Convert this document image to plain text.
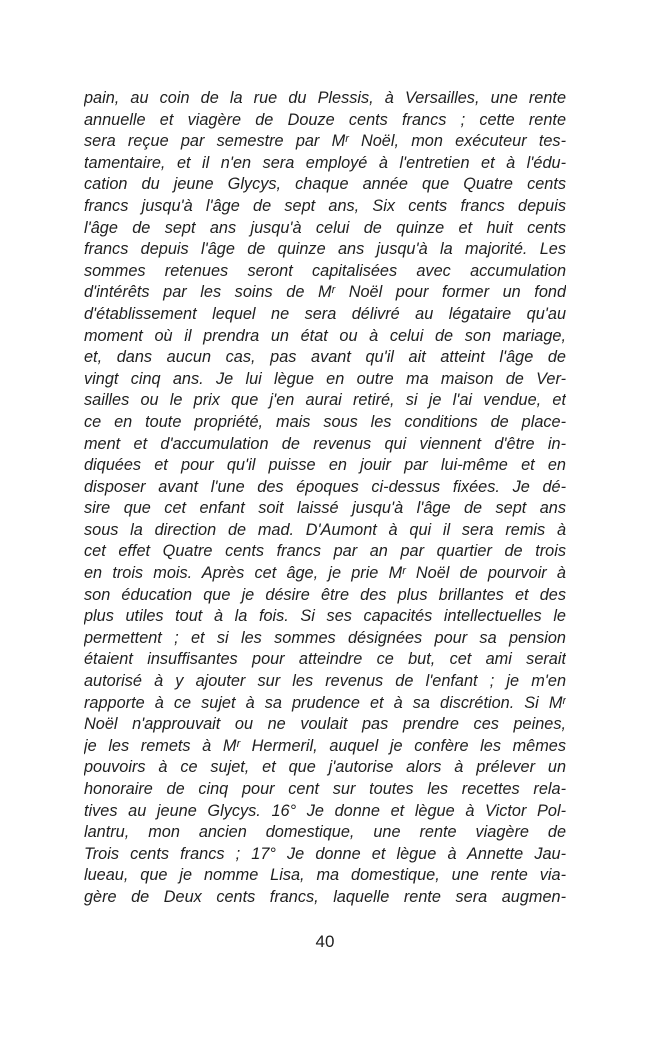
pain, au coin de la rue du Plessis, à Versailles, une rente
annuelle et viagère de Douze cents francs ; cette rente
sera reçue par semestre par Mʳ Noël, mon exécuteur tes-
tamentaire, et il n'en sera employé à l'entretien et à l'édu-
cation du jeune Glycys, chaque année que Quatre cents
francs jusqu'à l'âge de sept ans, Six cents francs depuis
l'âge de sept ans jusqu'à celui de quinze et huit cents
francs depuis l'âge de quinze ans jusqu'à la majorité. Les
sommes retenues seront capitalisées avec accumulation
d'intérêts par les soins de Mʳ Noël pour former un fond
d'établissement lequel ne sera délivré au légataire qu'au
moment où il prendra un état ou à celui de son mariage,
et, dans aucun cas, pas avant qu'il ait atteint l'âge de
vingt cinq ans. Je lui lègue en outre ma maison de Ver-
sailles ou le prix que j'en aurai retiré, si je l'ai vendue, et
ce en toute propriété, mais sous les conditions de place-
ment et d'accumulation de revenus qui viennent d'être in-
diquées et pour qu'il puisse en jouir par lui-même et en
disposer avant l'une des époques ci-dessus fixées. Je dé-
sire que cet enfant soit laissé jusqu'à l'âge de sept ans
sous la direction de mad. D'Aumont à qui il sera remis à
cet effet Quatre cents francs par an par quartier de trois
en trois mois. Après cet âge, je prie Mʳ Noël de pourvoir à
son éducation que je désire être des plus brillantes et des
plus utiles tout à la fois. Si ses capacités intellectuelles le
permettent ; et si les sommes désignées pour sa pension
étaient insuffisantes pour atteindre ce but, cet ami serait
autorisé à y ajouter sur les revenus de l'enfant ; je m'en
rapporte à ce sujet à sa prudence et à sa discrétion. Si Mʳ
Noël n'approuvait ou ne voulait pas prendre ces peines,
je les remets à Mʳ Hermeril, auquel je confère les mêmes
pouvoirs à ce sujet, et que j'autorise alors à prélever un
honoraire de cinq pour cent sur toutes les recettes rela-
tives au jeune Glycys. 16° Je donne et lègue à Victor Pol-
lantru, mon ancien domestique, une rente viagère de
Trois cents francs ; 17° Je donne et lègue à Annette Jau-
lueau, que je nomme Lisa, ma domestique, une rente via-
gère de Deux cents francs, laquelle rente sera augmen-
40
